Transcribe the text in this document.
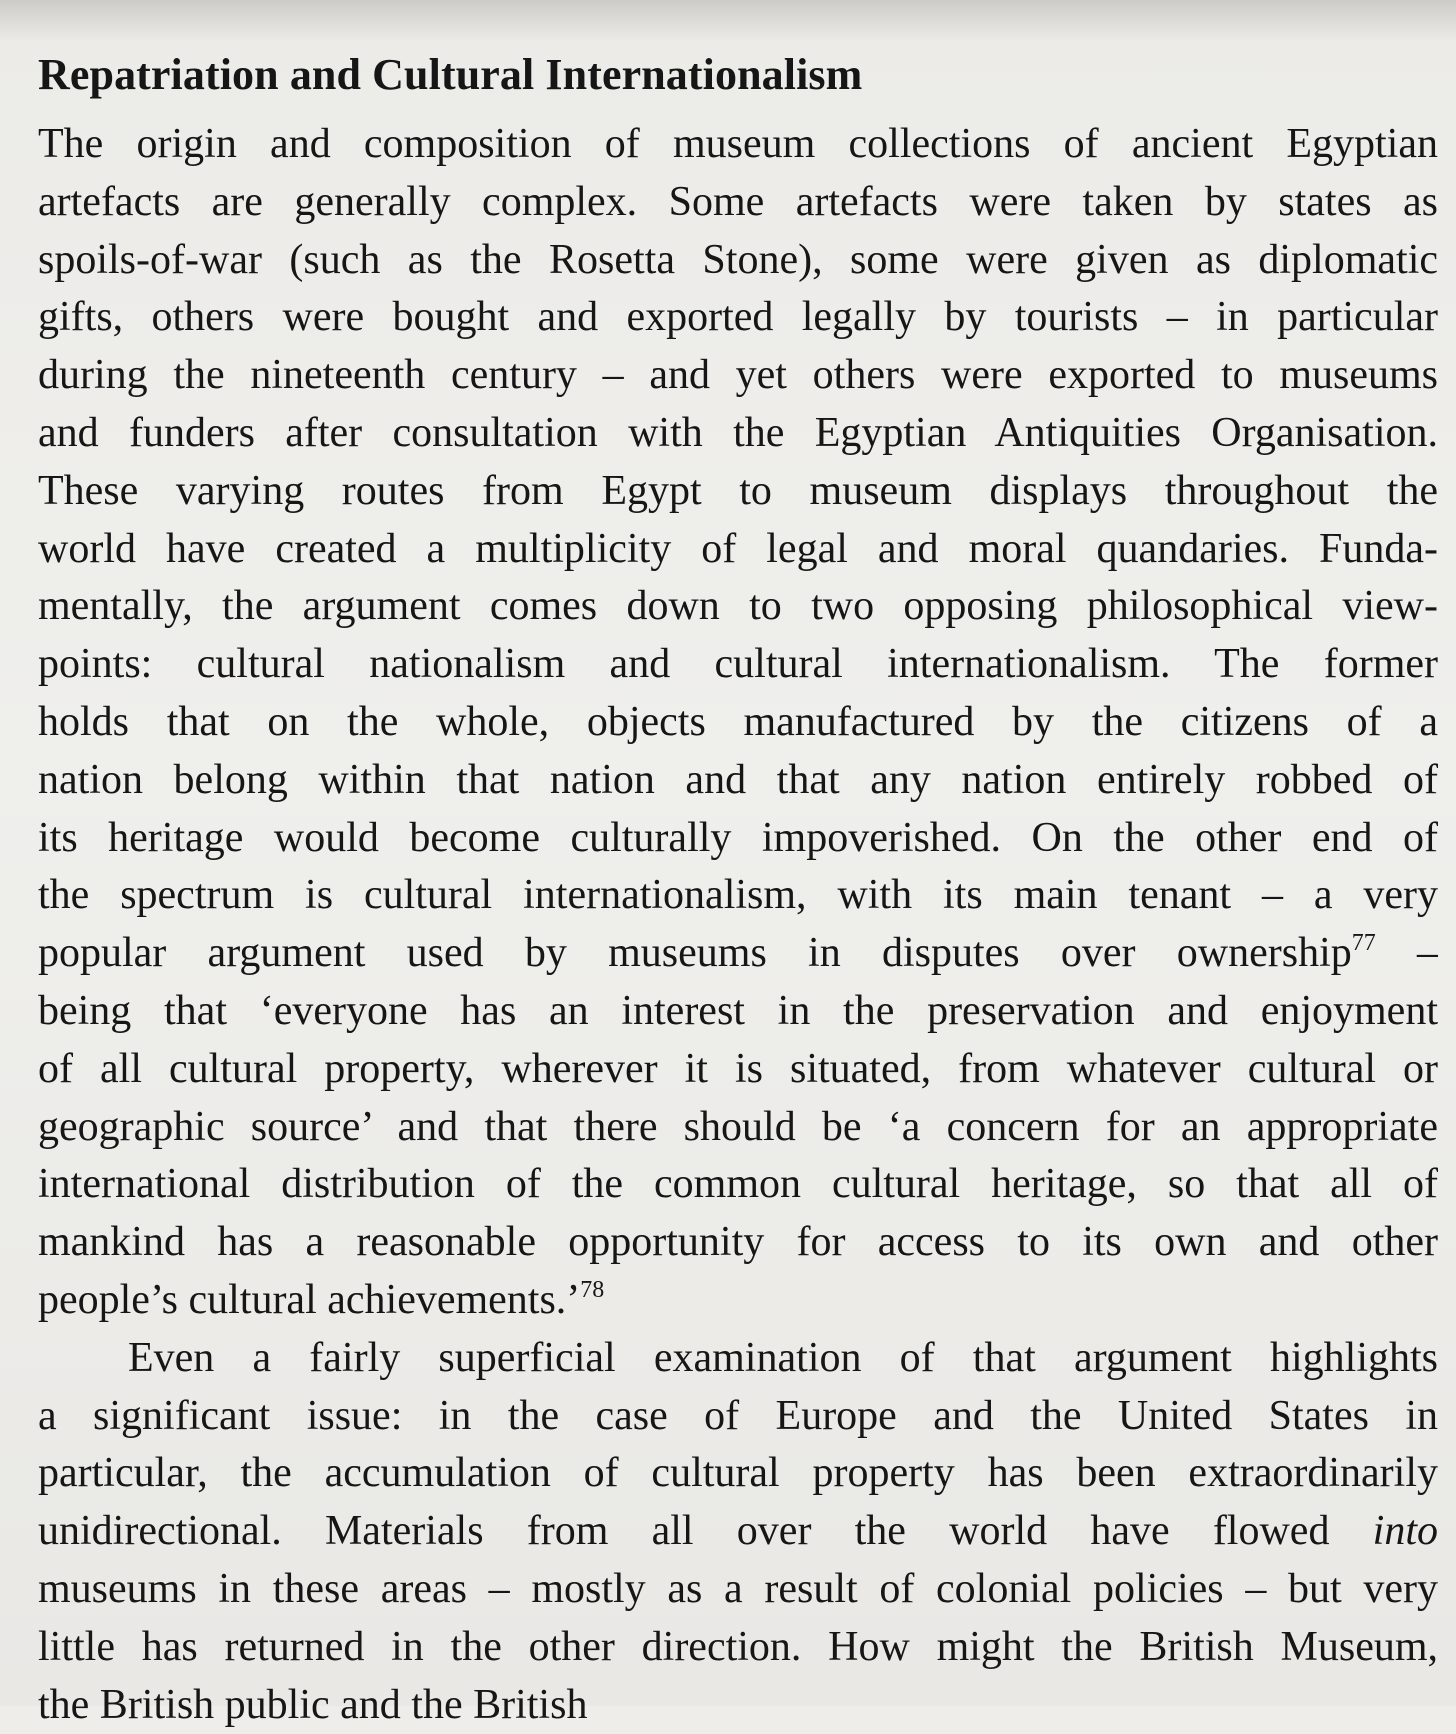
Repatriation and Cultural Internationalism
The origin and composition of museum collections of ancient Egyptian
artefacts are generally complex. Some artefacts were taken by states as
spoils-of-war (such as the Rosetta Stone), some were given as diplomatic
gifts, others were bought and exported legally by tourists – in particular
during the nineteenth century – and yet others were exported to museums
and funders after consultation with the Egyptian Antiquities Organisation.
These varying routes from Egypt to museum displays throughout the
world have created a multiplicity of legal and moral quandaries. Funda-
mentally, the argument comes down to two opposing philosophical view-
points: cultural nationalism and cultural internationalism. The former
holds that on the whole, objects manufactured by the citizens of a
nation belong within that nation and that any nation entirely robbed of
its heritage would become culturally impoverished. On the other end of
the spectrum is cultural internationalism, with its main tenant – a very
popular argument used by museums in disputes over ownership$^{77}$ –
being that ‘everyone has an interest in the preservation and enjoyment
of all cultural property, wherever it is situated, from whatever cultural or
geographic source’ and that there should be ‘a concern for an appropriate
international distribution of the common cultural heritage, so that all of
mankind has a reasonable opportunity for access to its own and other
people’s cultural achievements.’$^{78}$
Even a fairly superficial examination of that argument highlights
a significant issue: in the case of Europe and the United States in
particular, the accumulation of cultural property has been extraordinarily
unidirectional. Materials from all over the world have flowed into
museums in these areas – mostly as a result of colonial policies – but very
little has returned in the other direction. How might the British Museum,
the British public and the British
